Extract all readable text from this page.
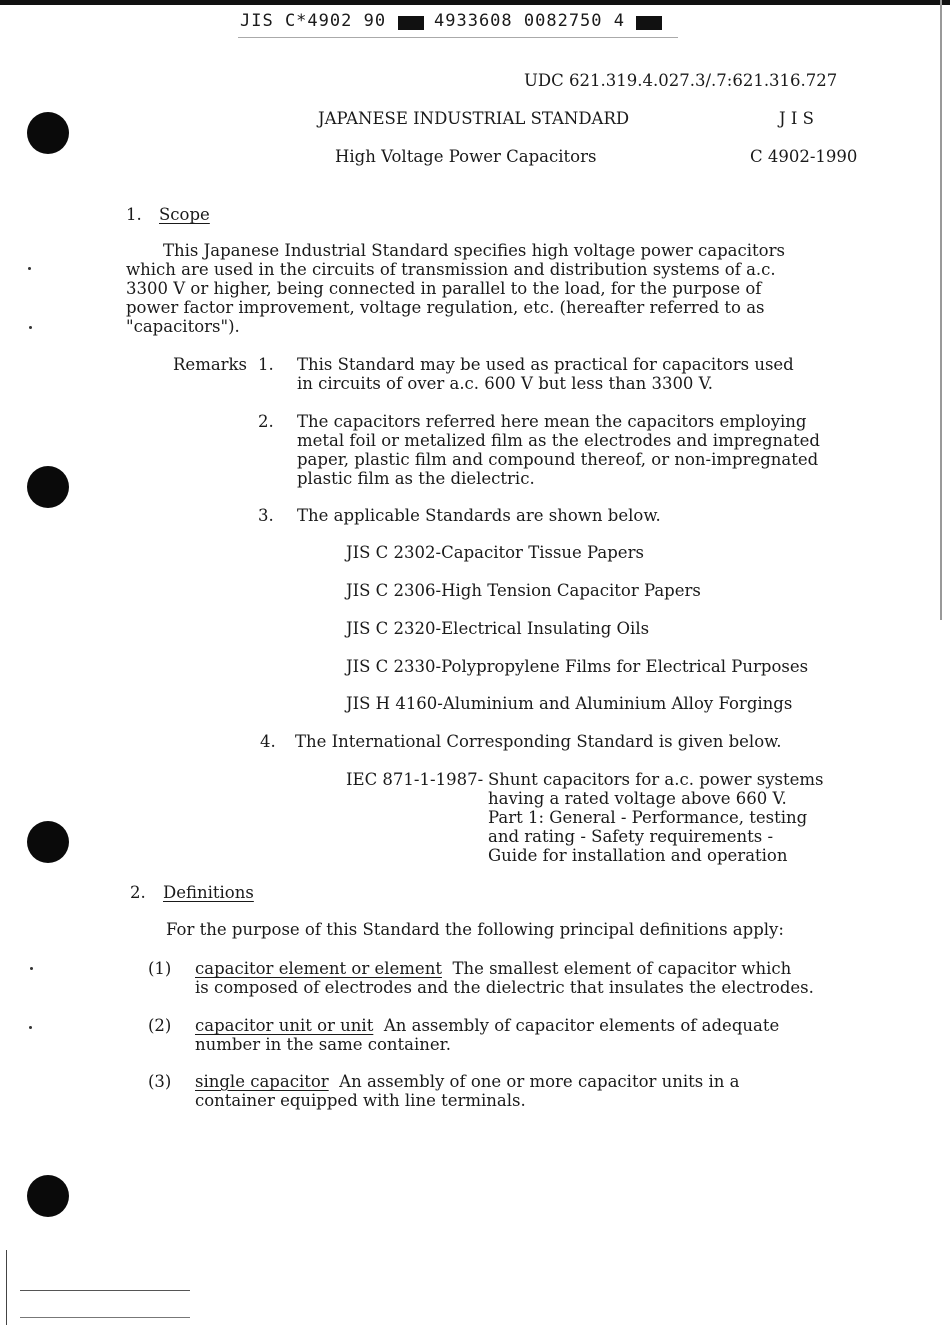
JIS C*4902 90	4933608 0082750 4
UDC 621.319.4.027.3/.7:621.316.727
JAPANESE INDUSTRIAL STANDARD	J I S
High Voltage Power Capacitors	C 4902-1990
1. Scope
This Japanese Industrial Standard specifies high voltage power capacitors
which are used in the circuits of transmission and distribution systems of a.c.
3300 V or higher, being connected in parallel to the load, for the purpose of
power factor improvement, voltage regulation, etc. (hereafter referred to as
"capacitors").
Remarks 1. This Standard may be used as practical for capacitors used
in circuits of over a.c. 600 V but less than 3300 V.
2. The capacitors referred here mean the capacitors employing
metal foil or metalized film as the electrodes and impregnated
paper, plastic film and compound thereof, or non-impregnated
plastic film as the dielectric.
3. The applicable Standards are shown below.
JIS C 2302-Capacitor Tissue Papers
JIS C 2306-High Tension Capacitor Papers
JIS C 2320-Electrical Insulating Oils
JIS C 2330-Polypropylene Films for Electrical Purposes
JIS H 4160-Aluminium and Aluminium Alloy Forgings
4. The International Corresponding Standard is given below.
IEC 871-1-1987- Shunt capacitors for a.c. power systems
having a rated voltage above 660 V.
Part 1: General - Performance, testing
and rating - Safety requirements -
Guide for installation and operation
2. Definitions
For the purpose of this Standard the following principal definitions apply:
(1) capacitor element or element The smallest element of capacitor which
is composed of electrodes and the dielectric that insulates the electrodes.
(2) capacitor unit or unit An assembly of capacitor elements of adequate
number in the same container.
(3) single capacitor An assembly of one or more capacitor units in a
container equipped with line terminals.
